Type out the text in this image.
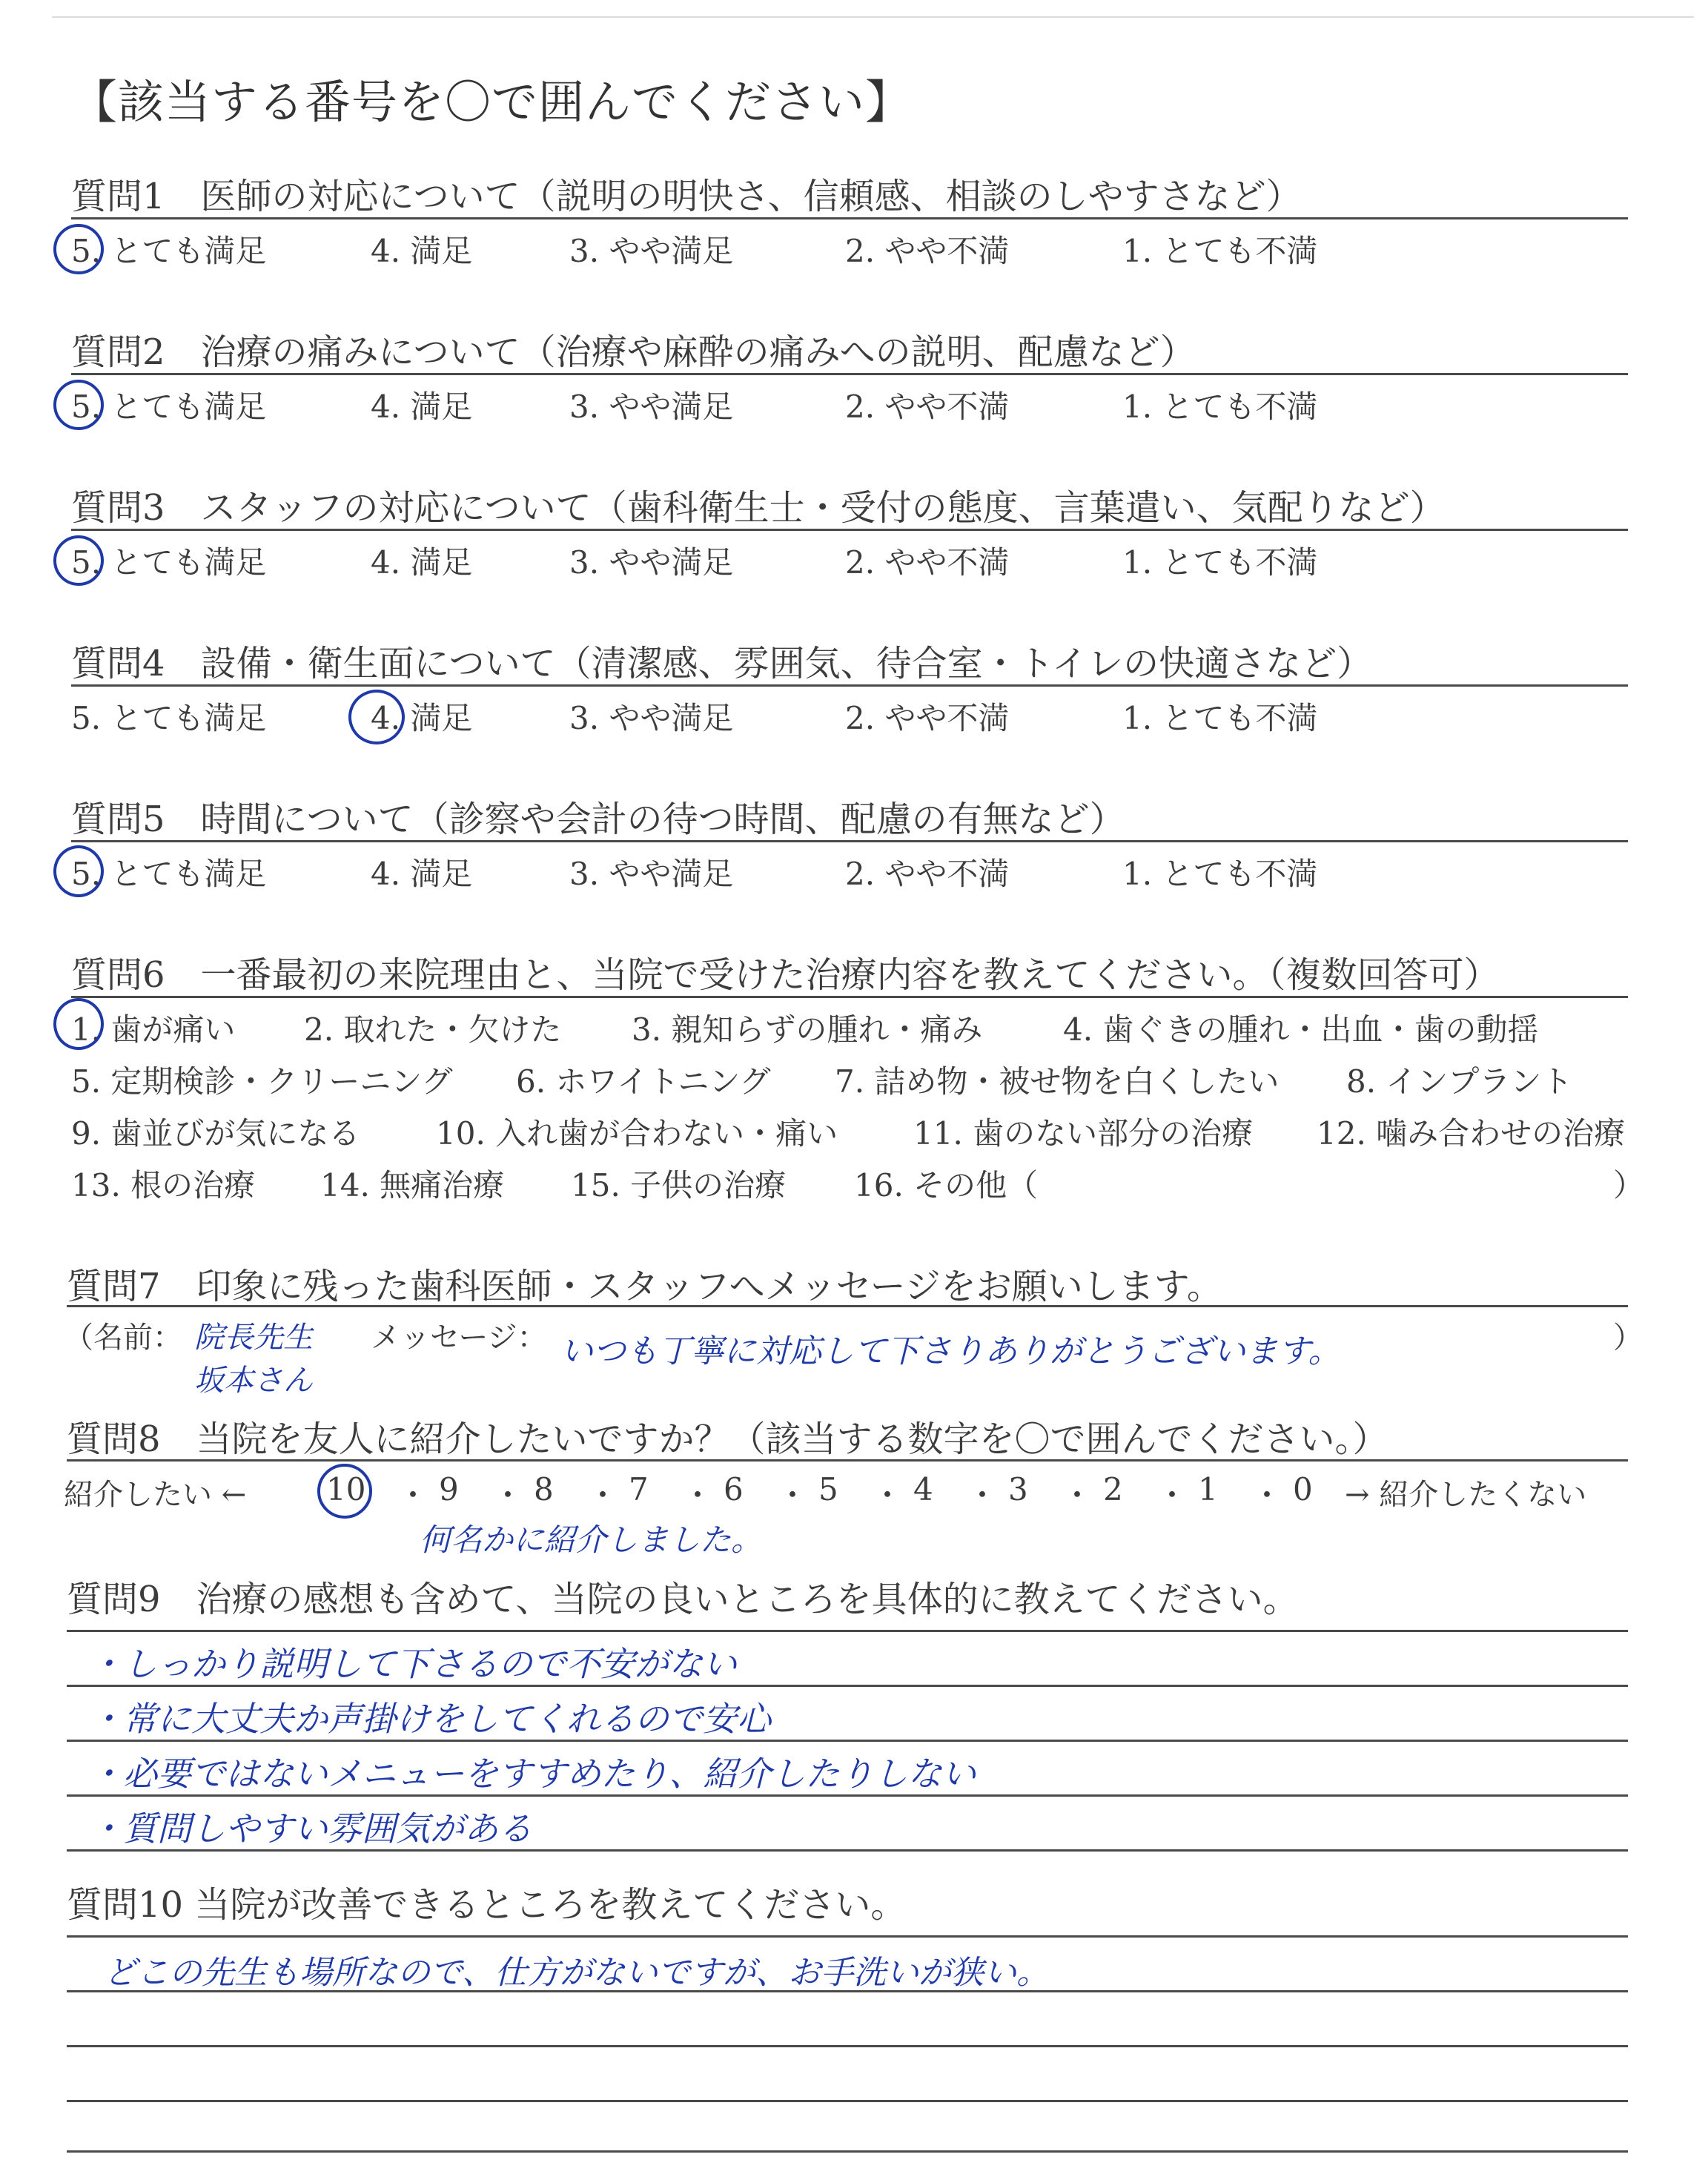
【該当する番号を〇で囲んでください】
質問1　医師の対応について（説明の明快さ、信頼感、相談のしやすさなど）
5. とても満足	4. 満足	3. やや満足	2. やや不満	1. とても不満
質問2　治療の痛みについて（治療や麻酔の痛みへの説明、配慮など）
5. とても満足	4. 満足	3. やや満足	2. やや不満	1. とても不満
質問3　スタッフの対応について（歯科衛生士・受付の態度、言葉遣い、気配りなど）
5. とても満足	4. 満足	3. やや満足	2. やや不満	1. とても不満
質問4　設備・衛生面について（清潔感、雰囲気、待合室・トイレの快適さなど）
5. とても満足	4. 満足	3. やや満足	2. やや不満	1. とても不満
質問5　時間について（診察や会計の待つ時間、配慮の有無など）
5. とても満足	4. 満足	3. やや満足	2. やや不満	1. とても不満
質問6　一番最初の来院理由と、当院で受けた治療内容を教えてください。（複数回答可）
1. 歯が痛い 2. 取れた・欠けた 3. 親知らずの腫れ・痛み	4. 歯ぐきの腫れ・出血・歯の動揺
5. 定期検診・クリーニング 6. ホワイトニング 7. 詰め物・被せ物を白くしたい 8. インプラント
9. 歯並びが気になる 10. 入れ歯が合わない・痛い 11. 歯のない部分の治療 12. 噛み合わせの治療
13. 根の治療 14. 無痛治療 15. 子供の治療 16. その他（	）
質問7　印象に残った歯科医師・スタッフへメッセージをお願いします。
（名前：	メッセージ：	）
院長先生
坂本さん
いつも丁寧に対応して下さりありがとうございます。
質問8　当院を友人に紹介したいですか？（該当する数字を〇で囲んでください。）
紹介したい ←	10 ・ 9 ・ 8 ・ 7 ・ 6 ・ 5 ・ 4 ・ 3 ・ 2 ・ 1 ・ 0 → 紹介したくない
何名かに紹介しました。
質問9　治療の感想も含めて、当院の良いところを具体的に教えてください。
・しっかり説明して下さるので不安がない
・常に大丈夫か声掛けをしてくれるので安心
・必要ではないメニューをすすめたり、紹介したりしない
・質問しやすい雰囲気がある
質問10 当院が改善できるところを教えてください。
どこの先生も場所なので、仕方がないですが、お手洗いが狭い。
